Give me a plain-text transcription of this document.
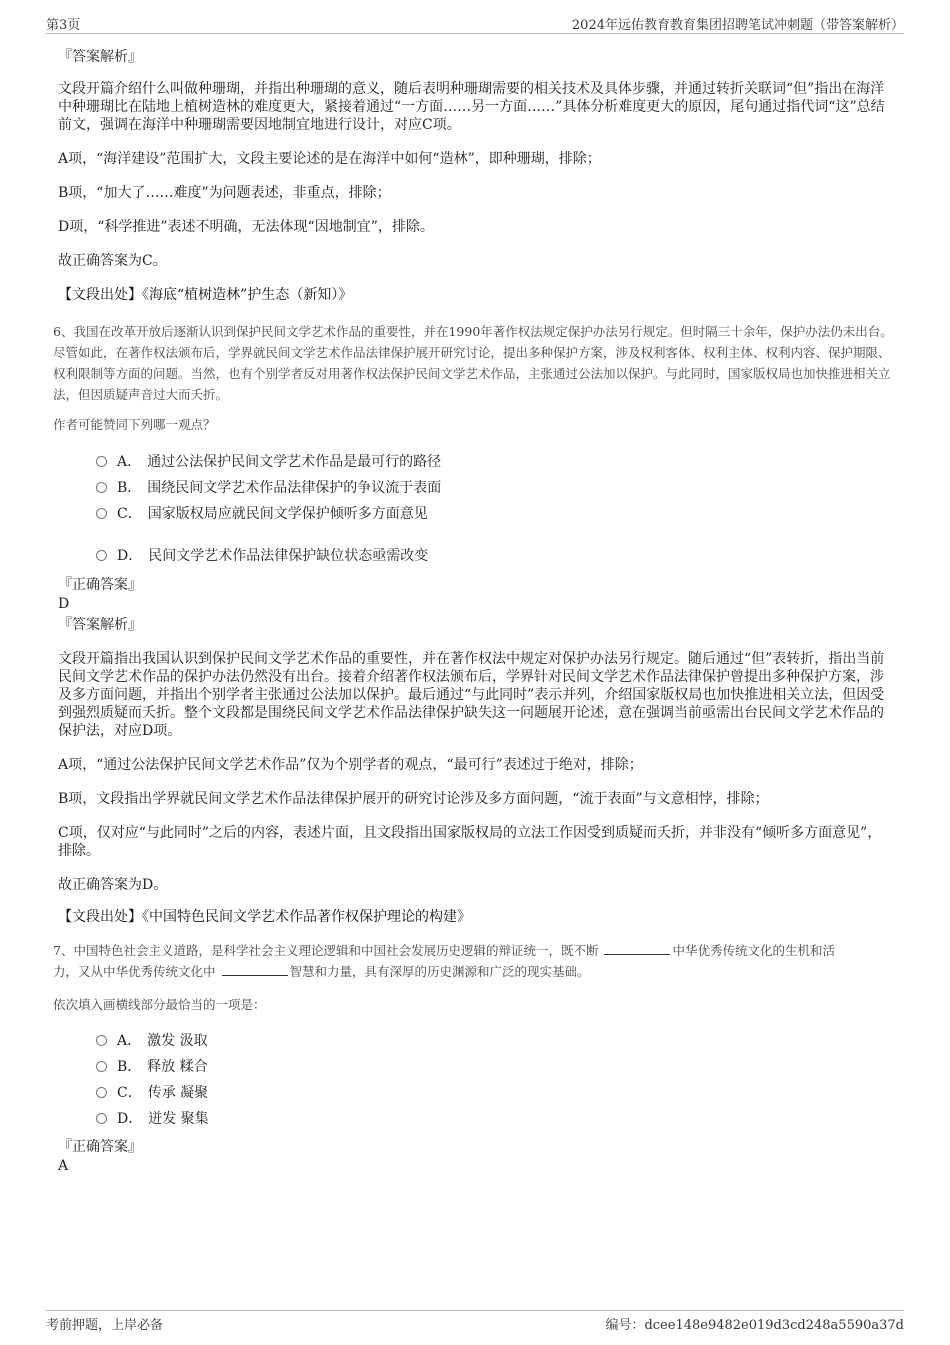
第3页	2024年远佑教育教育集团招聘笔试冲刺题（带答案解析）
『答案解析』
文段开篇介绍什么叫做种珊瑚，并指出种珊瑚的意义，随后表明种珊瑚需要的相关技术及具体步骤，并通过转折关联词“但”指出在海洋中种珊瑚比在陆地上植树造林的难度更大，紧接着通过“一方面……另一方面……”具体分析难度更大的原因，尾句通过指代词“这”总结前文，强调在海洋中种珊瑚需要因地制宜地进行设计，对应C项。
A项，“海洋建设”范围扩大，文段主要论述的是在海洋中如何“造林”，即种珊瑚，排除；
B项，“加大了……难度”为问题表述，非重点，排除；
D项，“科学推进”表述不明确，无法体现“因地制宜”，排除。
故正确答案为C。
【文段出处】《海底“植树造林”护生态（新知）》
6、我国在改革开放后逐渐认识到保护民间文学艺术作品的重要性，并在1990年著作权法规定保护办法另行规定。但时隔三十余年，保护办法仍未出台。尽管如此，在著作权法颁布后，学界就民间文学艺术作品法律保护展开研究讨论，提出多种保护方案，涉及权利客体、权利主体、权利内容、保护期限、权利限制等方面的问题。当然，也有个别学者反对用著作权法保护民间文学艺术作品，主张通过公法加以保护。与此同时，国家版权局也加快推进相关立法，但因质疑声音过大而夭折。
作者可能赞同下列哪一观点？
A． 通过公法保护民间文学艺术作品是最可行的路径
B． 围绕民间文学艺术作品法律保护的争议流于表面
C． 国家版权局应就民间文学保护倾听多方面意见
D． 民间文学艺术作品法律保护缺位状态亟需改变
『正确答案』
D
『答案解析』
文段开篇指出我国认识到保护民间文学艺术作品的重要性，并在著作权法中规定对保护办法另行规定。随后通过“但”表转折，指出当前民间文学艺术作品的保护办法仍然没有出台。接着介绍著作权法颁布后，学界针对民间文学艺术作品法律保护曾提出多种保护方案，涉及多方面问题，并指出个别学者主张通过公法加以保护。最后通过“与此同时”表示并列，介绍国家版权局也加快推进相关立法，但因受到强烈质疑而夭折。整个文段都是围绕民间文学艺术作品法律保护缺失这一问题展开论述，意在强调当前亟需出台民间文学艺术作品的保护法，对应D项。
A项，“通过公法保护民间文学艺术作品”仅为个别学者的观点，“最可行”表述过于绝对，排除；
B项，文段指出学界就民间文学艺术作品法律保护展开的研究讨论涉及多方面问题，“流于表面”与文意相悖，排除；
C项，仅对应“与此同时”之后的内容，表述片面，且文段指出国家版权局的立法工作因受到质疑而夭折，并非没有“倾听多方面意见”，排除。
故正确答案为D。
【文段出处】《中国特色民间文学艺术作品著作权保护理论的构建》
7、中国特色社会主义道路，是科学社会主义理论逻辑和中国社会发展历史逻辑的辩证统一，既不断	中华优秀传统文化的生机和活
力，又从中华优秀传统文化中	智慧和力量，具有深厚的历史渊源和广泛的现实基础。
依次填入画横线部分最恰当的一项是：
A． 激发 汲取
B． 释放 糅合
C． 传承 凝聚
D． 迸发 聚集
『正确答案』
A
考前押题，上岸必备	编号：dcee148e9482e019d3cd248a5590a37d
